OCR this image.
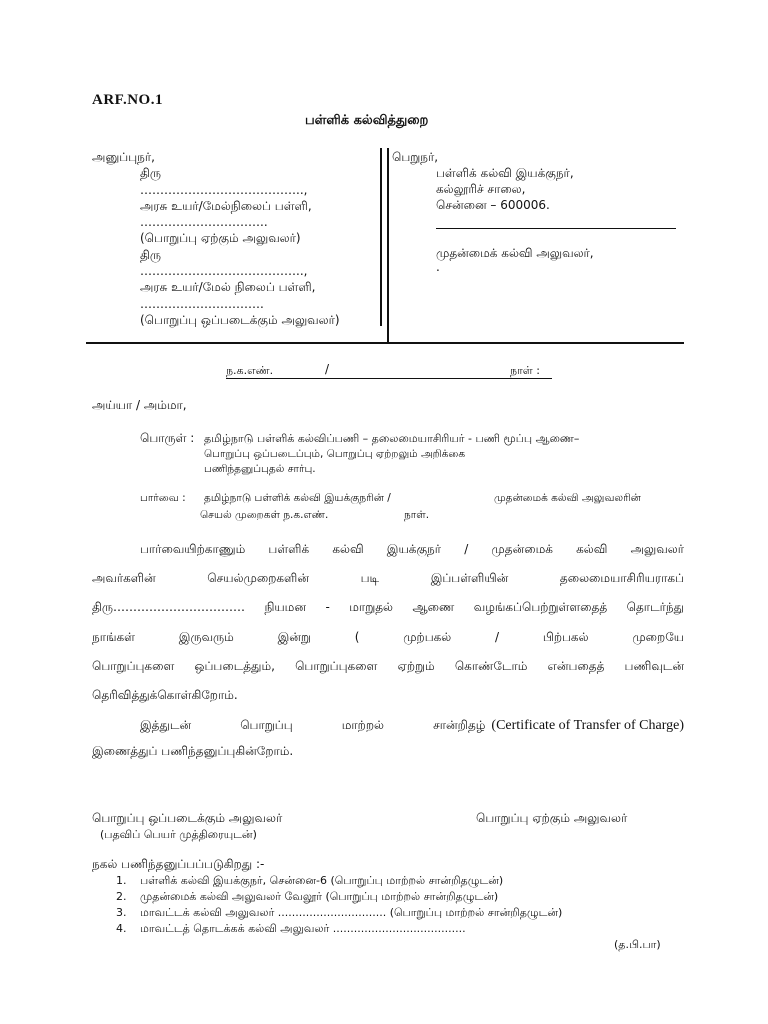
ARF.NO.1
பள்ளிக் கல்வித்துறை
அனுப்புநர்,
திரு
…………………………………..,
அரசு உயர்/மேல்நிலைப் பள்ளி,
…………………………..
(பொறுப்பு ஏற்கும் அலுவலர்)
திரு
…………………………………..,
அரசு உயர்/மேல் நிலைப் பள்ளி,
………………………….
(பொறுப்பு ஒப்படைக்கும் அலுவலர்)
பெறுநர்,
பள்ளிக் கல்வி இயக்குநர்,
கல்லூரிச் சாலை,
சென்னை – 600006.
முதன்மைக் கல்வி அலுவலர்,
.
ந.க.எண்.	/	நாள் :
அய்யா / அம்மா,
பொருள் : தமிழ்நாடு பள்ளிக் கல்விப்பணி – தலைமையாசிரியர் - பணி மூப்பு ஆணை–
பொறுப்பு ஒப்படைப்பும், பொறுப்பு ஏற்றலும் அறிக்கை
பணிந்தனுப்புதல் சார்பு.
பார்வை : தமிழ்நாடு பள்ளிக் கல்வி இயக்குநரின் /	முதன்மைக் கல்வி அலுவலரின்
செயல் முறைகள் ந.க.எண்.	நாள்.
பார்வையிற்காணும் பள்ளிக் கல்வி இயக்குநர் / முதன்மைக் கல்வி அலுவலர்
அவர்களின் செயல்முறைகளின் படி இப்பள்ளியின் தலைமையாசிரியராகப்
திரு…………………………… நியமன - மாறுதல் ஆணை வழங்கப்பெற்றுள்ளதைத் தொடர்ந்து
நாங்கள் இருவரும் இன்று ( முற்பகல் / பிற்பகல் முறையே
பொறுப்புகளை ஒப்படைத்தும், பொறுப்புகளை ஏற்றும் கொண்டோம் என்பதைத் பணிவுடன்
தெரிவித்துக்கொள்கிறோம்.
இத்துடன் பொறுப்பு மாற்றல் சான்றிதழ் (Certificate of Transfer of Charge)
இணைத்துப் பணிந்தனுப்புகின்றோம்.
பொறுப்பு ஒப்படைக்கும் அலுவலர்
(பதவிப் பெயர் முத்திரையுடன்)
பொறுப்பு ஏற்கும் அலுவலர்
நகல் பணிந்தனுப்பப்படுகிறது :-
1. பள்ளிக் கல்வி இயக்குநர், சென்னை-6 (பொறுப்பு மாற்றல் சான்றிதழுடன்)
2. முதன்மைக் கல்வி அலுவலர் வேலூர் (பொறுப்பு மாற்றல் சான்றிதழுடன்)
3. மாவட்டக் கல்வி அலுவலர் ............................... (பொறுப்பு மாற்றல் சான்றிதழுடன்)
4. மாவட்டத் தொடக்கக் கல்வி அலுவலர் ......................................
(த.பி.பா)
